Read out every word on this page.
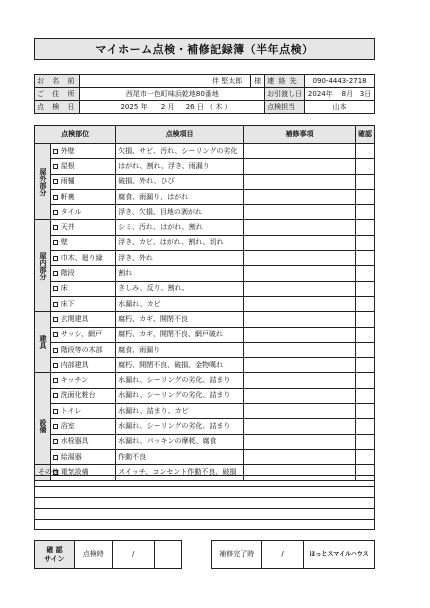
マイホーム点検・補修記録簿（半年点検）
お 名 前	伴 堅太郎	様	連 絡 先	090-4443-2718
ご 住 所	西尾市一色町味浜乾地80番地		お引渡し日	2024年 8月 3日
点 検 日	2025 年 2 月 26 日 （ 木 ）		点検担当	山本
点検部位		点検項目	補修事項	確認
屋外部分	外壁	欠損、サビ、汚れ、シーリングの劣化		
	屋根	はがれ、割れ、浮き、雨漏り		
	雨樋	破損、外れ、ひび		
	軒裏	腐食、雨漏り、はがれ		
	タイル	浮き、欠損、目地の剥がれ		
屋内部分	天井	シミ、汚れ、はがれ、割れ		
	壁	浮き、カビ、はがれ、割れ、切れ		
	巾木、廻り縁	浮き、外れ		
	階段	割れ		
	床	きしみ、反り、割れ、		
	床下	水漏れ、カビ		
建具	玄関建具	腐朽、カギ、開閉不良		
	サッシ、網戸	腐朽、カギ、開閉不良、網戸破れ		
	階段等の木部	腐食、雨漏り		
	内部建具	腐朽、開閉不良、破損、金物嘆れ		
設備	キッチン	水漏れ、シーリングの劣化、詰まり		
	洗面化粧台	水漏れ、シーリングの劣化、詰まり		
	トイレ	水漏れ、詰まり、カビ		
	浴室	水漏れ、シーリングの劣化、詰まり		
	水栓器具	水漏れ、パッキンの摩耗、腐食		
	給湯器	作動不良		
	電気設備	スイッチ、コンセント作動不良、破損		
その他
確 認
サイン	点検時	/			補修完了時	/	ほっとスマイルハウス
